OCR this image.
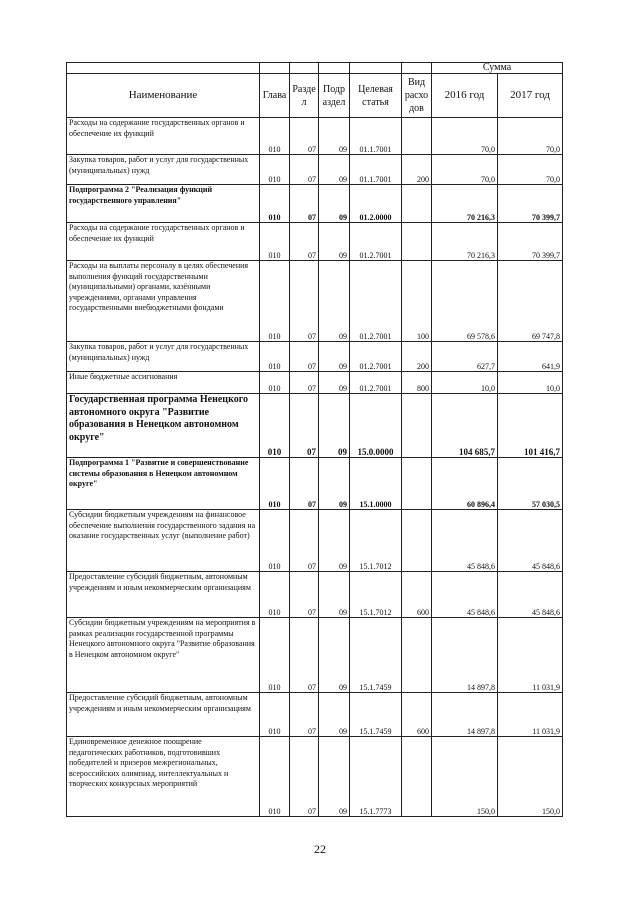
						Сумма	
Наименование	Глава	Разде л	Подр аздел	Целевая статья	Вид расхо дов	2016 год	2017 год
Расходы на содержание государственных органов и обеспечение их функций	010	07	09	01.1.7001		70,0	70,0
Закупка товаров, работ и услуг для государственных (муниципальных) нужд	010	07	09	01.1.7001	200	70,0	70,0
Подпрограмма 2 "Реализация функций государственного управления"	010	07	09	01.2.0000		70 216,3	70 399,7
Расходы на содержание государственных органов и обеспечение их функций	010	07	09	01.2.7001		70 216,3	70 399,7
Расходы на выплаты персоналу в целях обеспечения выполнения функций государственными (муниципальными) органами, казёнными учреждениями, органами управления государственными внебюджетными фондами	010	07	09	01.2.7001	100	69 578,6	69 747,8
Закупка товаров, работ и услуг для государственных (муниципальных) нужд	010	07	09	01.2.7001	200	627,7	641,9
Иные бюджетные ассигнования	010	07	09	01.2.7001	800	10,0	10,0
Государственная программа Ненецкого автономного округа "Развитие образования в Ненецком автономном округе"	010	07	09	15.0.0000		104 685,7	101 416,7
Подпрограмма 1 "Развитие и совершенствование системы образования в Ненецком автономном округе"	010	07	09	15.1.0000		60 896,4	57 030,5
Субсидии бюджетным учреждениям на финансовое обеспечение выполнения государственного задания на оказание государственных услуг (выполнение работ)	010	07	09	15.1.7012		45 848,6	45 848,6
Предоставление субсидий бюджетным, автономным учреждениям и иным некоммерческим организациям	010	07	09	15.1.7012	600	45 848,6	45 848,6
Субсидии бюджетным учреждениям на мероприятия в рамках реализации государственной программы Ненецкого автономного округа "Развитие образования в Ненецком автономном округе"	010	07	09	15.1.7459		14 897,8	11 031,9
Предоставление субсидий бюджетным, автономным учреждениям и иным некоммерческим организациям	010	07	09	15.1.7459	600	14 897,8	11 031,9
Единовременное денежное поощрение педагогических работников, подготовивших победителей и призеров межрегиональных, всероссийских олимпиад, интеллектуальных и творческих конкурсных мероприятий	010	07	09	15.1.7773		150,0	150,0
22
